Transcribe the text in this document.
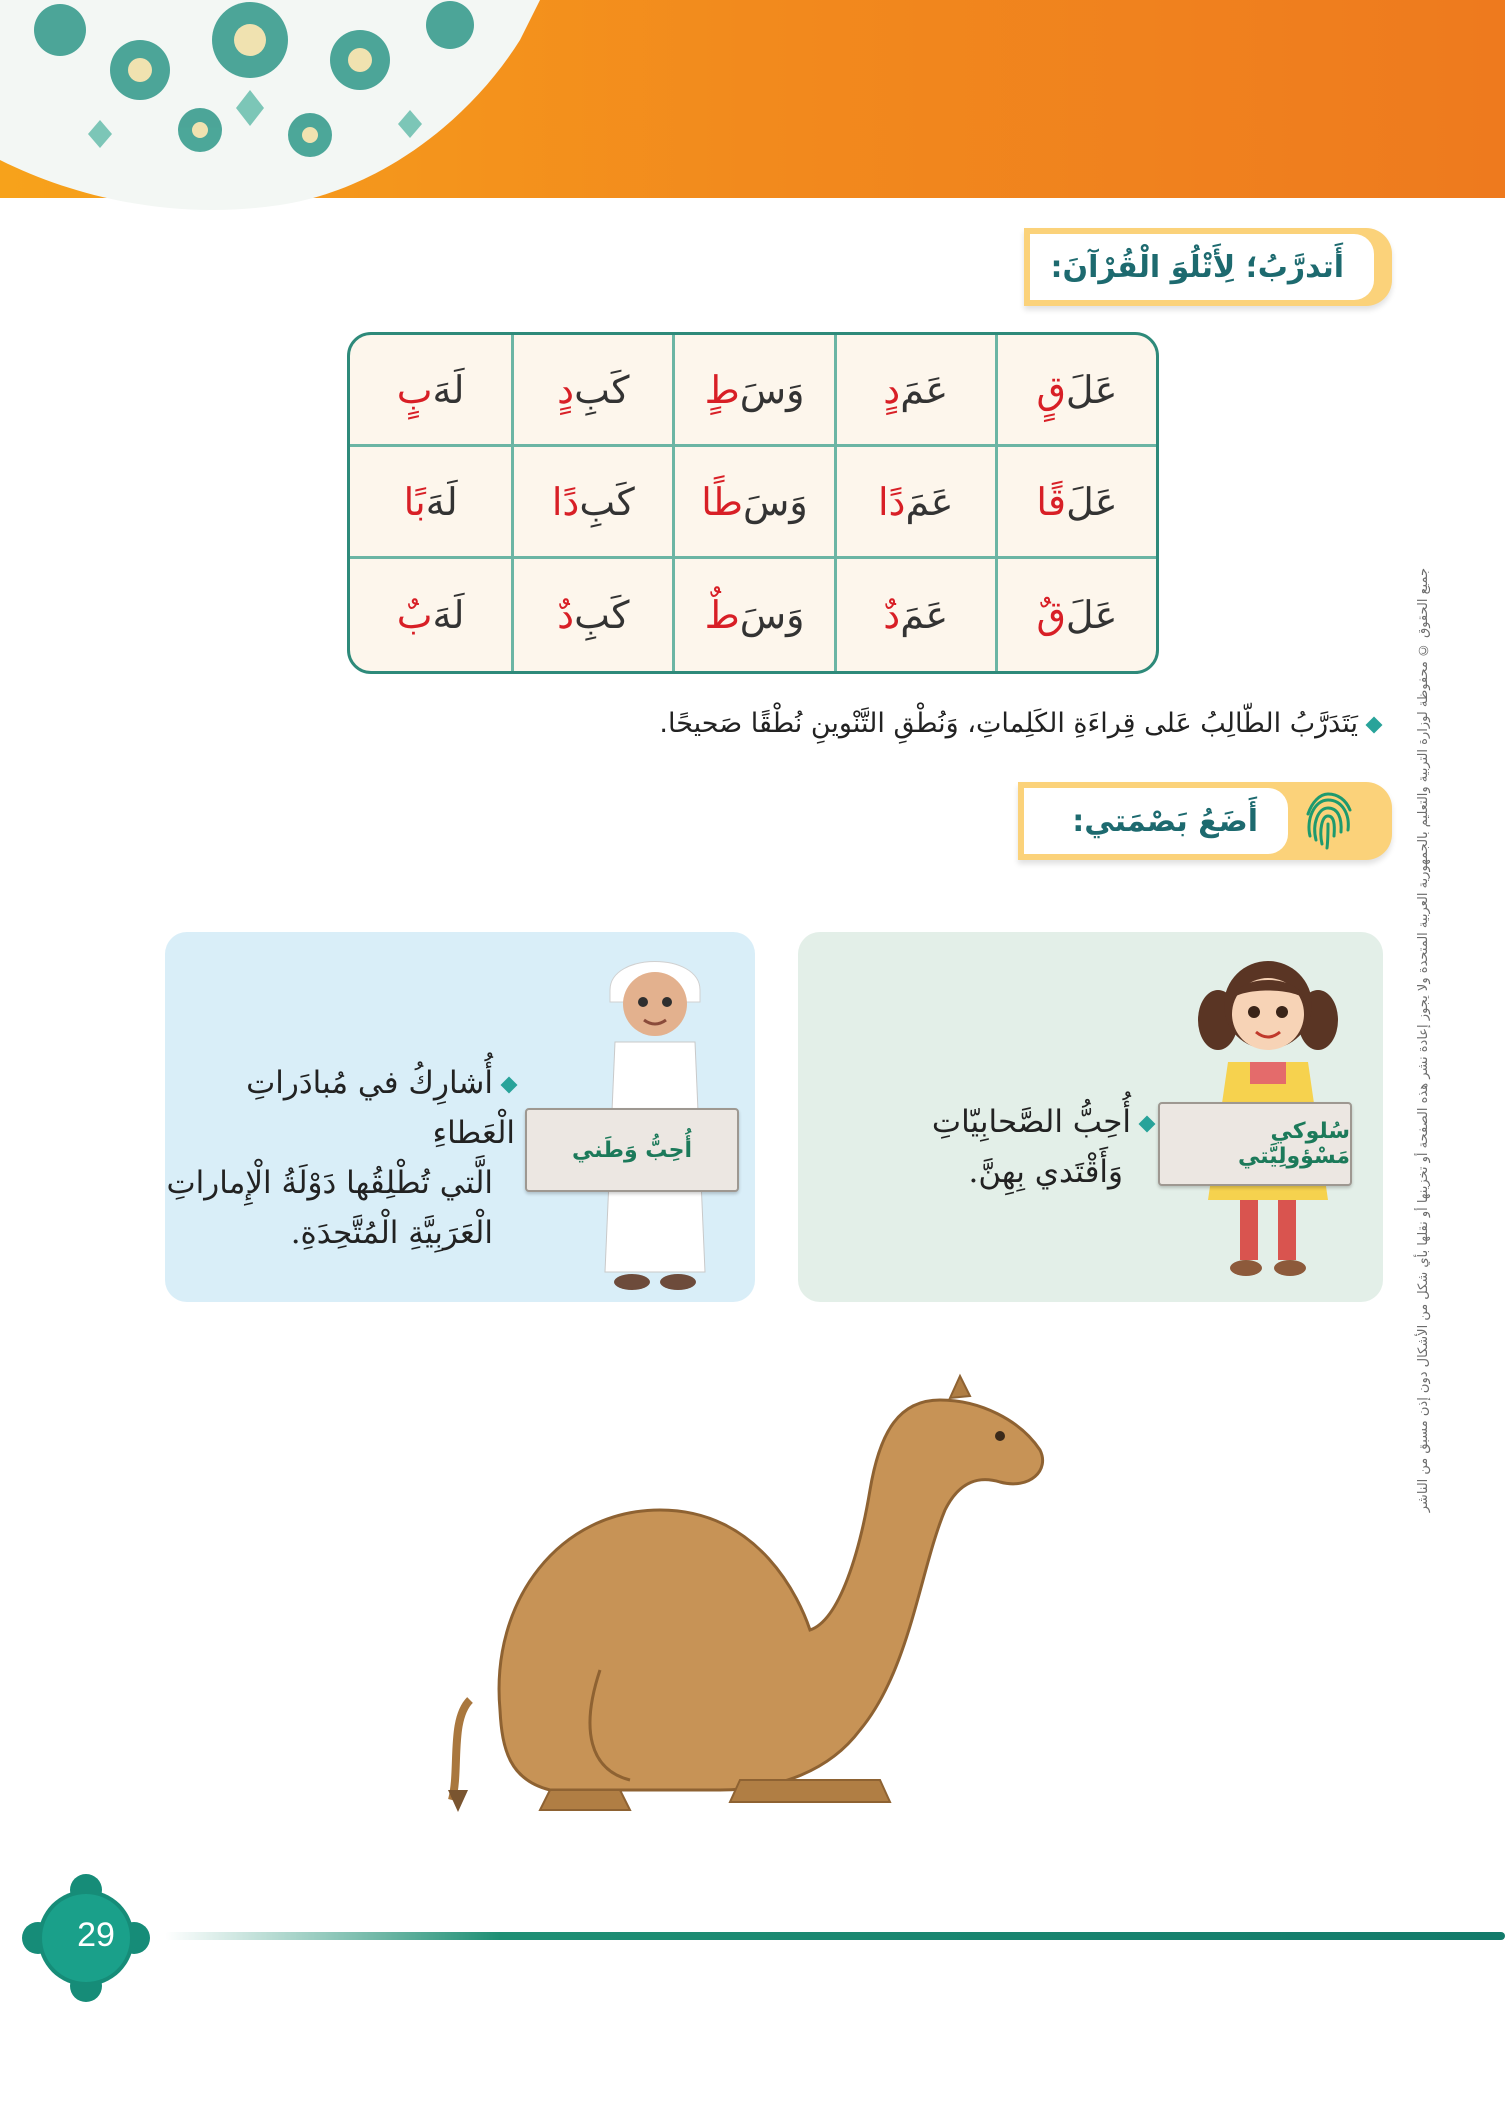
جميع الحقوق © محفوظة لوزارة التربية والتعليم بالجمهورية العربية المتحدة ولا يجوز إعادة نشر هذه الصفحة أو تخزينها أو نقلها بأي شكل من الأشكال دون إذن مسبق من الناشر
أَتدرَّبُ؛ لِأَتْلُوَ الْقُرْآنَ:
عَلَ
قٍ
عَمَ
دٍ
وَسَ
طٍ
كَبِ
دٍ
لَهَ
بٍ
عَلَ
قًا
عَمَ
دًا
وَسَ
طًا
كَبِ
دًا
لَهَ
بًا
عَلَ
قٌ
عَمَ
دٌ
وَسَ
طٌ
كَبِ
دٌ
لَهَ
بٌ
يَتَدَرَّبُ الطّالِبُ عَلى قِراءَةِ الكَلِماتِ، وَنُطْقِ التَّنْوينِ نُطْقًا صَحيحًا.
أَضَعُ بَصْمَتي:
سُلوكي مَسْؤولِيَّتي
أُحِبُّ الصَّحابِيّاتِ
وَأَقْتَدي بِهِنَّ.
أُحِبُّ وَطَني
أُشارِكُ في مُبادَراتِ الْعَطاءِ
الَّتي تُطْلِقُها دَوْلَةُ الْإِماراتِ
الْعَرَبِيَّةِ الْمُتَّحِدَةِ.
29
